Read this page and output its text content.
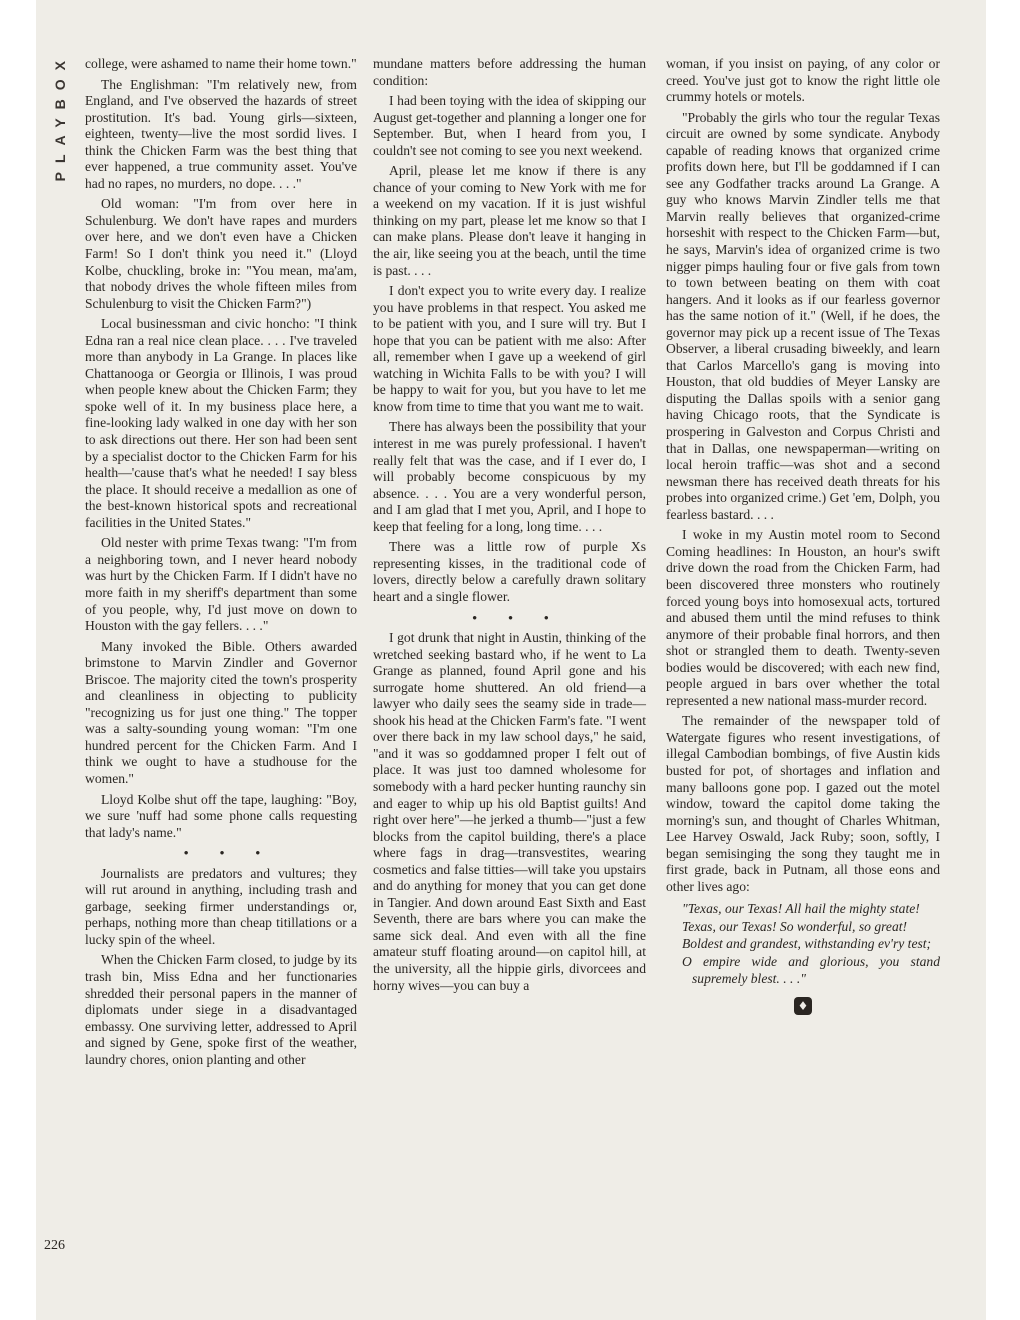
PLAYBOX
226

college, were ashamed to name their home town."

The Englishman: "I'm relatively new, from England, and I've observed the hazards of street prostitution. It's bad. Young girls—sixteen, eighteen, twenty—live the most sordid lives. I think the Chicken Farm was the best thing that ever happened, a true community asset. You've had no rapes, no murders, no dope. . . ."

Old woman: "I'm from over here in Schulenburg. We don't have rapes and murders over here, and we don't even have a Chicken Farm! So I don't think you need it." (Lloyd Kolbe, chuckling, broke in: "You mean, ma'am, that nobody drives the whole fifteen miles from Schulenburg to visit the Chicken Farm?")

Local businessman and civic honcho: "I think Edna ran a real nice clean place. . . . I've traveled more than anybody in La Grange. In places like Chattanooga or Georgia or Illinois, I was proud when people knew about the Chicken Farm; they spoke well of it. In my business place here, a fine-looking lady walked in one day with her son to ask directions out there. Her son had been sent by a specialist doctor to the Chicken Farm for his health—'cause that's what he needed! I say bless the place. It should receive a medallion as one of the best-known historical spots and recreational facilities in the United States."

Old nester with prime Texas twang: "I'm from a neighboring town, and I never heard nobody was hurt by the Chicken Farm. If I didn't have no more faith in my sheriff's department than some of you people, why, I'd just move on down to Houston with the gay fellers. . . ."

Many invoked the Bible. Others awarded brimstone to Marvin Zindler and Governor Briscoe. The majority cited the town's prosperity and cleanliness in objecting to publicity "recognizing us for just one thing." The topper was a salty-sounding young woman: "I'm one hundred percent for the Chicken Farm. And I think we ought to have a studhouse for the women."

Lloyd Kolbe shut off the tape, laughing: "Boy, we sure 'nuff had some phone calls requesting that lady's name."

• • •

Journalists are predators and vultures; they will rut around in anything, including trash and garbage, seeking firmer understandings or, perhaps, nothing more than cheap titillations or a lucky spin of the wheel.

When the Chicken Farm closed, to judge by its trash bin, Miss Edna and her functionaries shredded their personal papers in the manner of diplomats under siege in a disadvantaged embassy. One surviving letter, addressed to April and signed by Gene, spoke first of the weather, laundry chores, onion planting and other

mundane matters before addressing the human condition:

I had been toying with the idea of skipping our August get-together and planning a longer one for September. But, when I heard from you, I couldn't see not coming to see you next weekend.

April, please let me know if there is any chance of your coming to New York with me for a weekend on my vacation. If it is just wishful thinking on my part, please let me know so that I can make plans. Please don't leave it hanging in the air, like seeing you at the beach, until the time is past. . . .

I don't expect you to write every day. I realize you have problems in that respect. You asked me to be patient with you, and I sure will try. But I hope that you can be patient with me also: After all, remember when I gave up a weekend of girl watching in Wichita Falls to be with you? I will be happy to wait for you, but you have to let me know from time to time that you want me to wait.

There has always been the possibility that your interest in me was purely professional. I haven't really felt that was the case, and if I ever do, I will probably become conspicuous by my absence. . . . You are a very wonderful person, and I am glad that I met you, April, and I hope to keep that feeling for a long, long time. . . .

There was a little row of purple Xs representing kisses, in the traditional code of lovers, directly below a carefully drawn solitary heart and a single flower.

• • •

I got drunk that night in Austin, thinking of the wretched seeking bastard who, if he went to La Grange as planned, found April gone and his surrogate home shuttered. An old friend—a lawyer who daily sees the seamy side in trade—shook his head at the Chicken Farm's fate. "I went over there back in my law school days," he said, "and it was so goddamned proper I felt out of place. It was just too damned wholesome for somebody with a hard pecker hunting raunchy sin and eager to whip up his old Baptist guilts! And right over here"—he jerked a thumb—"just a few blocks from the capitol building, there's a place where fags in drag—transvestites, wearing cosmetics and false titties—will take you upstairs and do anything for money that you can get done in Tangier. And down around East Sixth and East Seventh, there are bars where you can make the same sick deal. And even with all the fine amateur stuff floating around—on capitol hill, at the university, all the hippie girls, divorcees and horny wives—you can buy a

woman, if you insist on paying, of any color or creed. You've just got to know the right little ole crummy hotels or motels.

"Probably the girls who tour the regular Texas circuit are owned by some syndicate. Anybody capable of reading knows that organized crime profits down here, but I'll be goddamned if I can see any Godfather tracks around La Grange. A guy who knows Marvin Zindler tells me that Marvin really believes that organized-crime horseshit with respect to the Chicken Farm—but, he says, Marvin's idea of organized crime is two nigger pimps hauling four or five gals from town to town between beating on them with coat hangers. And it looks as if our fearless governor has the same notion of it." (Well, if he does, the governor may pick up a recent issue of The Texas Observer, a liberal crusading biweekly, and learn that Carlos Marcello's gang is moving into Houston, that old buddies of Meyer Lansky are disputing the Dallas spoils with a senior gang having Chicago roots, that the Syndicate is prospering in Galveston and Corpus Christi and that in Dallas, one newspaperman—writing on local heroin traffic—was shot and a second newsman there has received death threats for his probes into organized crime.) Get 'em, Dolph, you fearless bastard. . . .

I woke in my Austin motel room to Second Coming headlines: In Houston, an hour's swift drive down the road from the Chicken Farm, had been discovered three monsters who routinely forced young boys into homosexual acts, tortured and abused them until the mind refuses to think anymore of their probable final horrors, and then shot or strangled them to death. Twenty-seven bodies would be discovered; with each new find, people argued in bars over whether the total represented a new national mass-murder record.

The remainder of the newspaper told of Watergate figures who resent investigations, of illegal Cambodian bombings, of five Austin kids busted for pot, of shortages and inflation and many balloons gone pop. I gazed out the motel window, toward the capitol dome taking the morning's sun, and thought of Charles Whitman, Lee Harvey Oswald, Jack Ruby; soon, softly, I began semisinging the song they taught me in first grade, back in Putnam, all those eons and other lives ago:

"Texas, our Texas! All hail the mighty state!
Texas, our Texas! So wonderful, so great!
Boldest and grandest, withstanding ev'ry test;
O empire wide and glorious, you stand supremely blest. . . ."
♦
